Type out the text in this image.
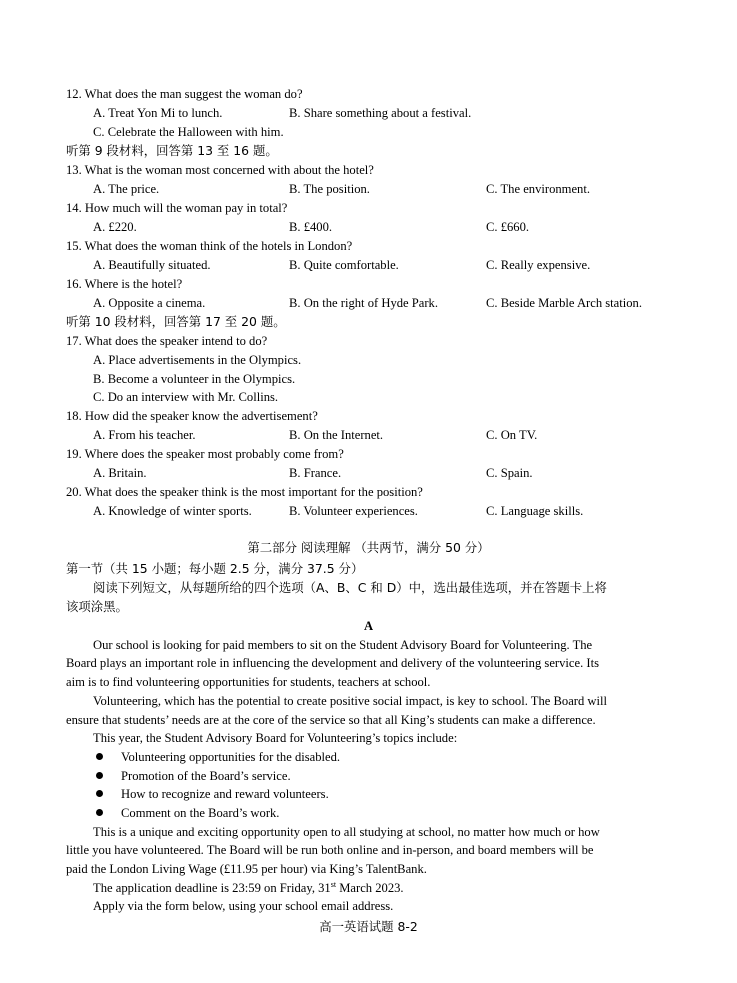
12. What does the man suggest the woman do?
A. Treat Yon Mi to lunch.	B. Share something about a festival.
C. Celebrate the Halloween with him.
听第 9 段材料，回答第 13 至 16 题。
13. What is the woman most concerned with about the hotel?
A. The price.	B. The position.	C. The environment.
14. How much will the woman pay in total?
A. £220.	B. £400.	C. £660.
15. What does the woman think of the hotels in London?
A. Beautifully situated.	B. Quite comfortable.	C. Really expensive.
16. Where is the hotel?
A. Opposite a cinema.	B. On the right of Hyde Park.	C. Beside Marble Arch station.
听第 10 段材料，回答第 17 至 20 题。
17. What does the speaker intend to do?
A. Place advertisements in the Olympics.
B. Become a volunteer in the Olympics.
C. Do an interview with Mr. Collins.
18. How did the speaker know the advertisement?
A. From his teacher.	B. On the Internet.	C. On TV.
19. Where does the speaker most probably come from?
A. Britain.	B. France.	C. Spain.
20. What does the speaker think is the most important for the position?
A. Knowledge of winter sports.	B. Volunteer experiences.	C. Language skills.
第二部分 阅读理解 （共两节，满分 50 分）
第一节（共 15 小题；每小题 2.5 分，满分 37.5 分）
阅读下列短文，从每题所给的四个选项（A、B、C 和 D）中，选出最佳选项，并在答题卡上将
该项涂黑。
A
Our school is looking for paid members to sit on the Student Advisory Board for Volunteering. The
Board plays an important role in influencing the development and delivery of the volunteering service. Its
aim is to find volunteering opportunities for students, teachers at school.
Volunteering, which has the potential to create positive social impact, is key to school. The Board will
ensure that students’ needs are at the core of the service so that all King’s students can make a difference.
This year, the Student Advisory Board for Volunteering’s topics include:
Volunteering opportunities for the disabled.
Promotion of the Board’s service.
How to recognize and reward volunteers.
Comment on the Board’s work.
This is a unique and exciting opportunity open to all studying at school, no matter how much or how
little you have volunteered. The Board will be run both online and in-person, and board members will be
paid the London Living Wage (£11.95 per hour) via King’s TalentBank.
The application deadline is 23:59 on Friday, 31st March 2023.
Apply via the form below, using your school email address.
高一英语试题 8-2
